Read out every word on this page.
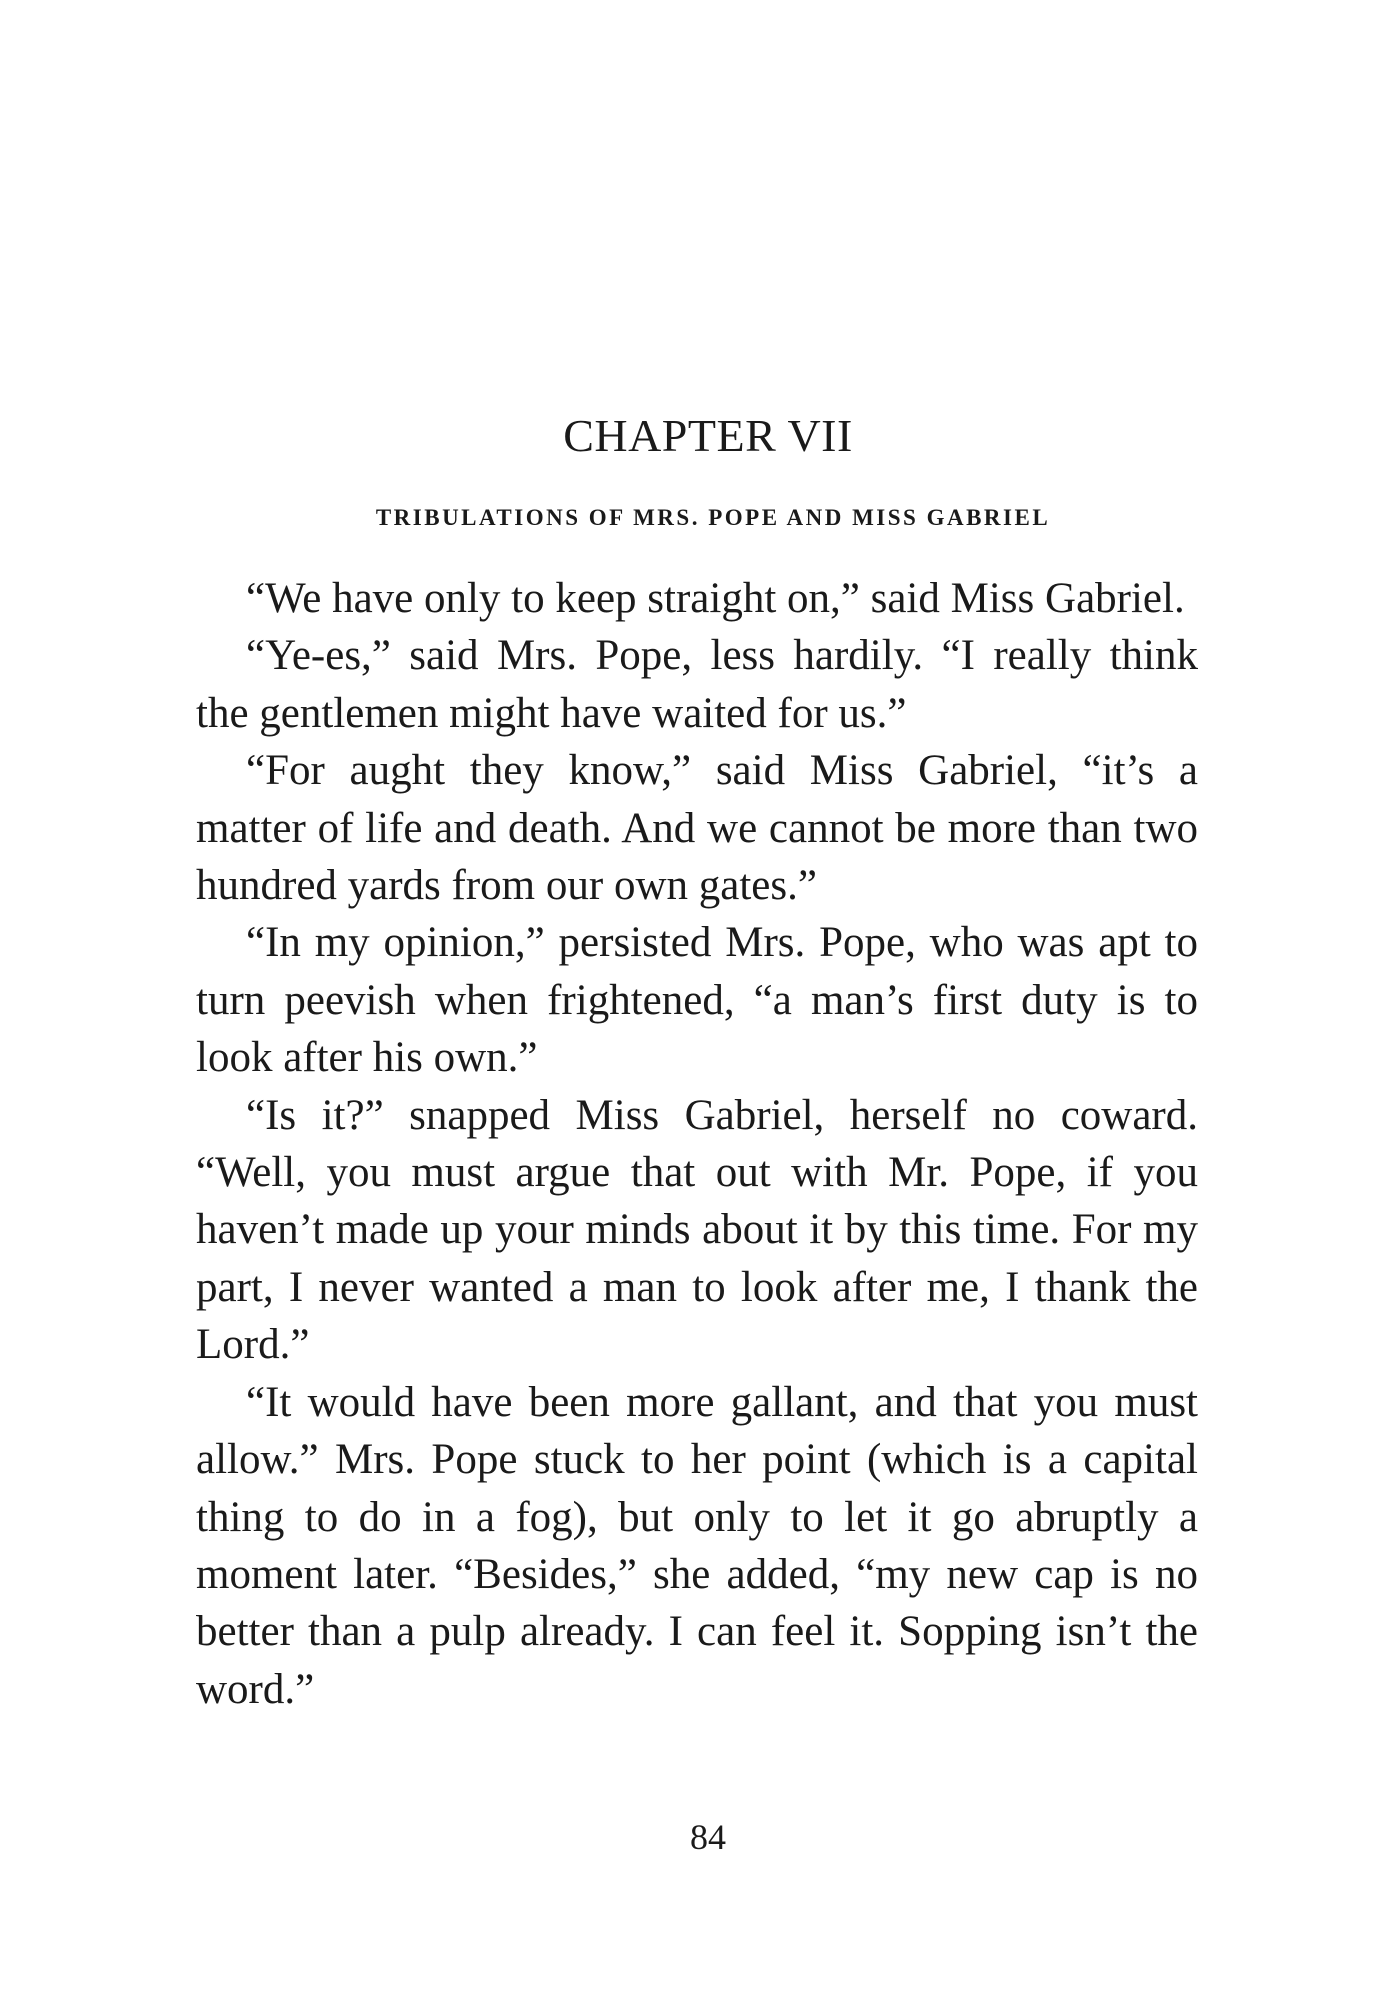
CHAPTER VII
TRIBULATIONS OF MRS. POPE AND MISS GABRIEL

“We have only to keep straight on,” said Miss Gabriel.

“Ye-es,” said Mrs. Pope, less hardily. “I really think the gentlemen might have waited for us.”

“For aught they know,” said Miss Gabriel, “it’s a matter of life and death. And we cannot be more than two hundred yards from our own gates.”

“In my opinion,” persisted Mrs. Pope, who was apt to turn peevish when frightened, “a man’s first duty is to look after his own.”

“Is it?” snapped Miss Gabriel, herself no coward. “Well, you must argue that out with Mr. Pope, if you haven’t made up your minds about it by this time. For my part, I never wanted a man to look after me, I thank the Lord.”

“It would have been more gallant, and that you must allow.” Mrs. Pope stuck to her point (which is a capital thing to do in a fog), but only to let it go abruptly a moment later. “Besides,” she added, “my new cap is no better than a pulp already. I can feel it. Sopping isn’t the word.”

84
